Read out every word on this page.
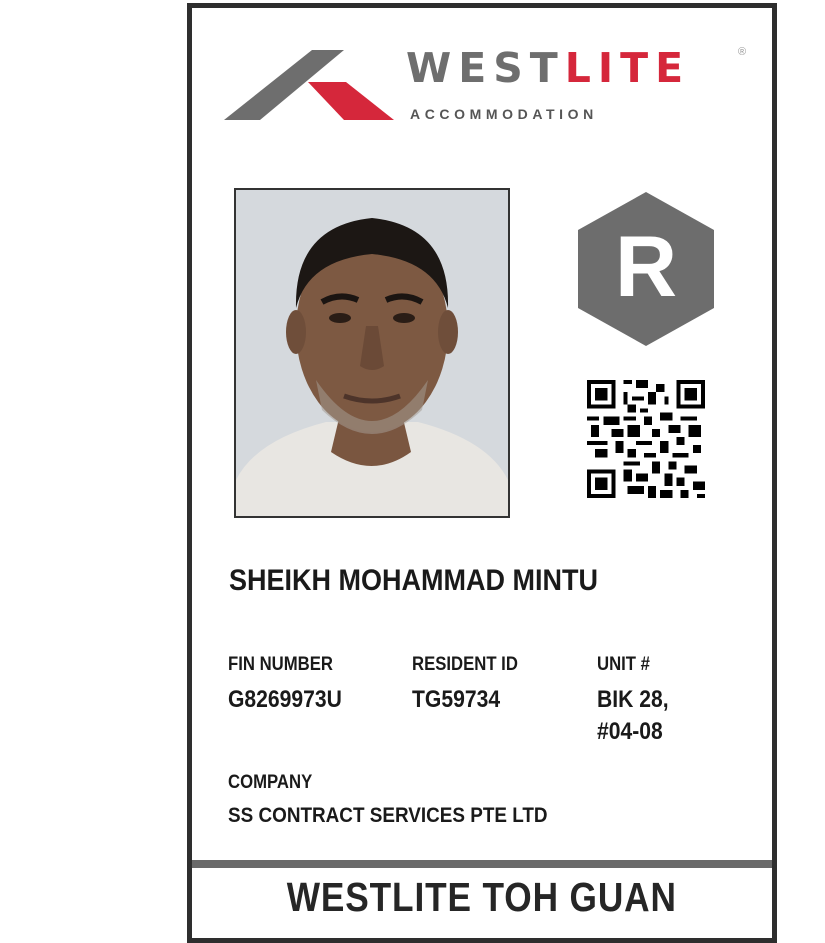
WESTLITE	®
ACCOMMODATION
R
SHEIKH MOHAMMAD MINTU
FIN NUMBER
G8269973U
RESIDENT ID
TG59734
UNIT #
BIK 28,
#04-08
COMPANY
SS CONTRACT SERVICES PTE LTD
WESTLITE TOH GUAN
